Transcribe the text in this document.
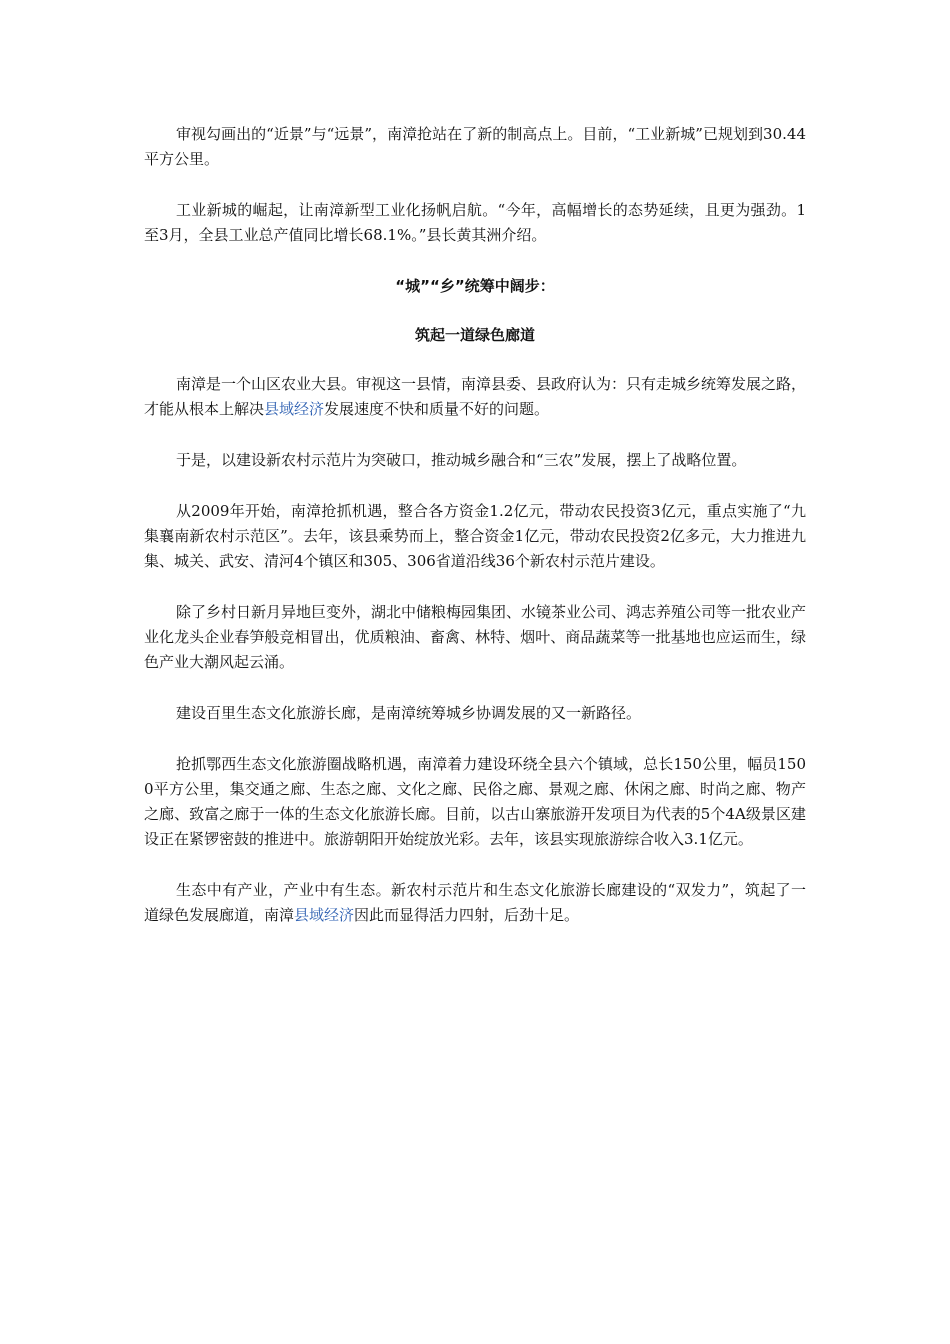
审视勾画出的“近景”与“远景”，南漳抢站在了新的制高点上。目前，“工业新城”已规划到30.44平方公里。

工业新城的崛起，让南漳新型工业化扬帆启航。“今年，高幅增长的态势延续，且更为强劲。1至3月，全县工业总产值同比增长68.1%。”县长黄其洲介绍。

“城”“乡”统筹中阔步：
筑起一道绿色廊道

南漳是一个山区农业大县。审视这一县情，南漳县委、县政府认为：只有走城乡统筹发展之路，才能从根本上解决县域经济发展速度不快和质量不好的问题。

于是，以建设新农村示范片为突破口，推动城乡融合和“三农”发展，摆上了战略位置。

从2009年开始，南漳抢抓机遇，整合各方资金1.2亿元，带动农民投资3亿元，重点实施了“九集襄南新农村示范区”。去年，该县乘势而上，整合资金1亿元，带动农民投资2亿多元，大力推进九集、城关、武安、清河4个镇区和305、306省道沿线36个新农村示范片建设。

除了乡村日新月异地巨变外，湖北中储粮梅园集团、水镜茶业公司、鸿志养殖公司等一批农业产业化龙头企业春笋般竞相冒出，优质粮油、畜禽、林特、烟叶、商品蔬菜等一批基地也应运而生，绿色产业大潮风起云涌。

建设百里生态文化旅游长廊，是南漳统筹城乡协调发展的又一新路径。

抢抓鄂西生态文化旅游圈战略机遇，南漳着力建设环绕全县六个镇域，总长150公里，幅员1500平方公里，集交通之廊、生态之廊、文化之廊、民俗之廊、景观之廊、休闲之廊、时尚之廊、物产之廊、致富之廊于一体的生态文化旅游长廊。目前，以古山寨旅游开发项目为代表的5个4A级景区建设正在紧锣密鼓的推进中。旅游朝阳开始绽放光彩。去年，该县实现旅游综合收入3.1亿元。

生态中有产业，产业中有生态。新农村示范片和生态文化旅游长廊建设的“双发力”，筑起了一道绿色发展廊道，南漳县域经济因此而显得活力四射，后劲十足。
